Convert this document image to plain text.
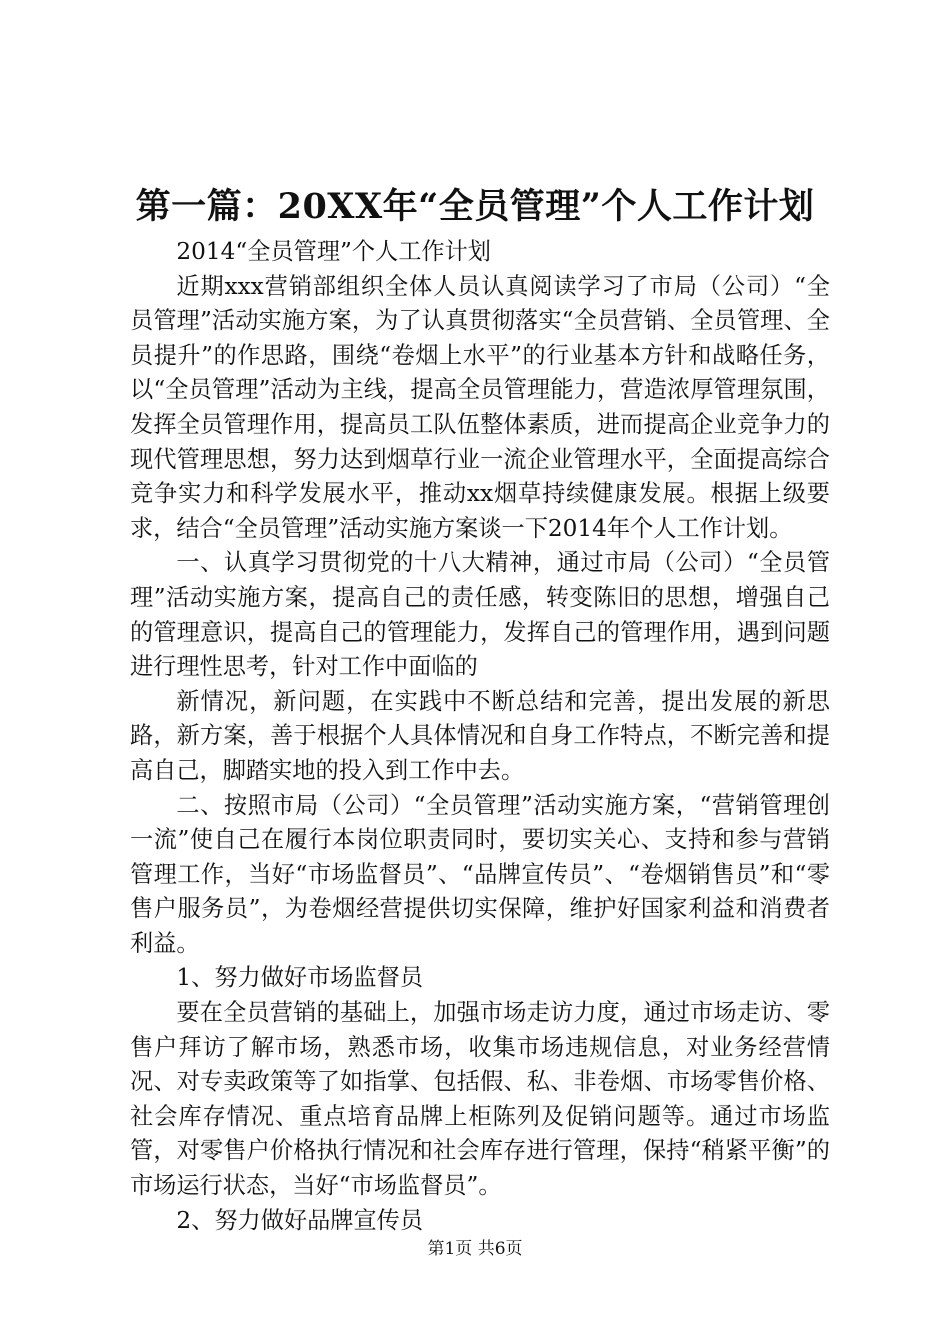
第一篇：20XX年“全员管理”个人工作计划

2014“全员管理”个人工作计划

近期xxx营销部组织全体人员认真阅读学习了市局（公司）“全员管理”活动实施方案，为了认真贯彻落实“全员营销、全员管理、全员提升”的作思路，围绕“卷烟上水平”的行业基本方针和战略任务，以“全员管理”活动为主线，提高全员管理能力，营造浓厚管理氛围，发挥全员管理作用，提高员工队伍整体素质，进而提高企业竞争力的现代管理思想，努力达到烟草行业一流企业管理水平，全面提高综合竞争实力和科学发展水平，推动xx烟草持续健康发展。根据上级要求，结合“全员管理”活动实施方案谈一下2014年个人工作计划。

一、认真学习贯彻党的十八大精神，通过市局（公司）“全员管理”活动实施方案，提高自己的责任感，转变陈旧的思想，增强自己的管理意识，提高自己的管理能力，发挥自己的管理作用，遇到问题进行理性思考，针对工作中面临的

新情况，新问题，在实践中不断总结和完善，提出发展的新思路，新方案，善于根据个人具体情况和自身工作特点，不断完善和提高自己，脚踏实地的投入到工作中去。

二、按照市局（公司）“全员管理”活动实施方案，“营销管理创一流”使自己在履行本岗位职责同时，要切实关心、支持和参与营销管理工作，当好“市场监督员”、“品牌宣传员”、“卷烟销售员”和“零售户服务员”，为卷烟经营提供切实保障，维护好国家利益和消费者利益。

1、努力做好市场监督员

要在全员营销的基础上，加强市场走访力度，通过市场走访、零售户拜访了解市场，熟悉市场，收集市场违规信息，对业务经营情况、对专卖政策等了如指掌、包括假、私、非卷烟、市场零售价格、社会库存情况、重点培育品牌上柜陈列及促销问题等。通过市场监管，对零售户价格执行情况和社会库存进行管理，保持“稍紧平衡”的市场运行状态，当好“市场监督员”。

2、努力做好品牌宣传员

第1页 共6页
